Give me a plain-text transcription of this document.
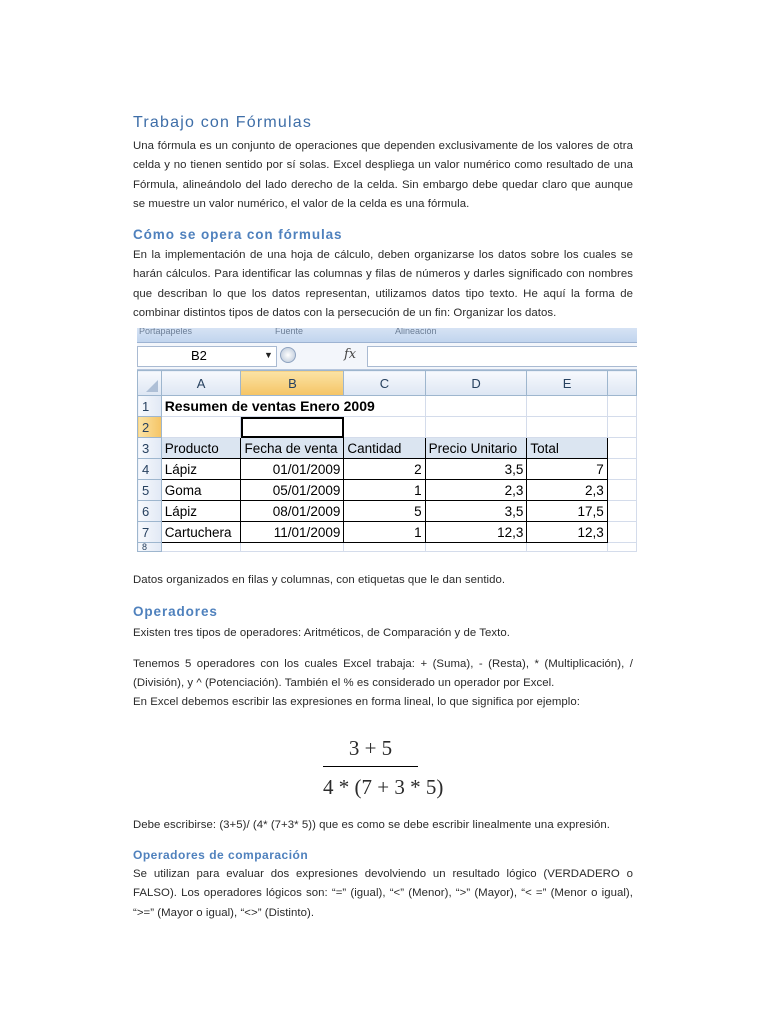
Trabajo con Fórmulas

Una fórmula es un conjunto de operaciones que dependen exclusivamente de los valores de otra celda y no tienen sentido por sí solas. Excel despliega un valor numérico como resultado de una Fórmula, alineándolo del lado derecho de la celda. Sin embargo debe quedar claro que aunque se muestre un valor numérico, el valor de la celda es una fórmula.

Cómo se opera con fórmulas

En la implementación de una hoja de cálculo, deben organizarse los datos sobre los cuales se harán cálculos. Para identificar las columnas y filas de números y darles significado con nombres que describan lo que los datos representan, utilizamos datos tipo texto. He aquí la forma de combinar distintos tipos de datos con la persecución de un fin: Organizar los datos.

Portapapeles	Fuente	Alineación
B2	▼	fx
	A	B	C	D	E	
1	Resumen de ventas Enero 2009					
2						
3	Producto	Fecha de venta	Cantidad	Precio Unitario	Total	
4	Lápiz	01/01/2009	2	3,5	7	
5	Goma	05/01/2009	1	2,3	2,3	
6	Lápiz	08/01/2009	5	3,5	17,5	
7	Cartuchera	11/01/2009	1	12,3	12,3	
8						

Datos organizados en filas y columnas, con etiquetas que le dan sentido.

Operadores

Existen tres tipos de operadores: Aritméticos, de Comparación y de Texto.

Tenemos 5 operadores con los cuales Excel trabaja: + (Suma), - (Resta), * (Multiplicación), / (División), y ^ (Potenciación). También el % es considerado un operador por Excel.

En Excel debemos escribir las expresiones en forma lineal, lo que significa por ejemplo:

3 + 5
4 * (7 + 3 * 5)

Debe escribirse: (3+5)/ (4* (7+3* 5)) que es como se debe escribir linealmente una expresión.

Operadores de comparación

Se utilizan para evaluar dos expresiones devolviendo un resultado lógico (VERDADERO o FALSO). Los operadores lógicos son: “=” (igual), “<” (Menor), “>” (Mayor), “< =” (Menor o igual), “>=” (Mayor o igual), “<>” (Distinto).
